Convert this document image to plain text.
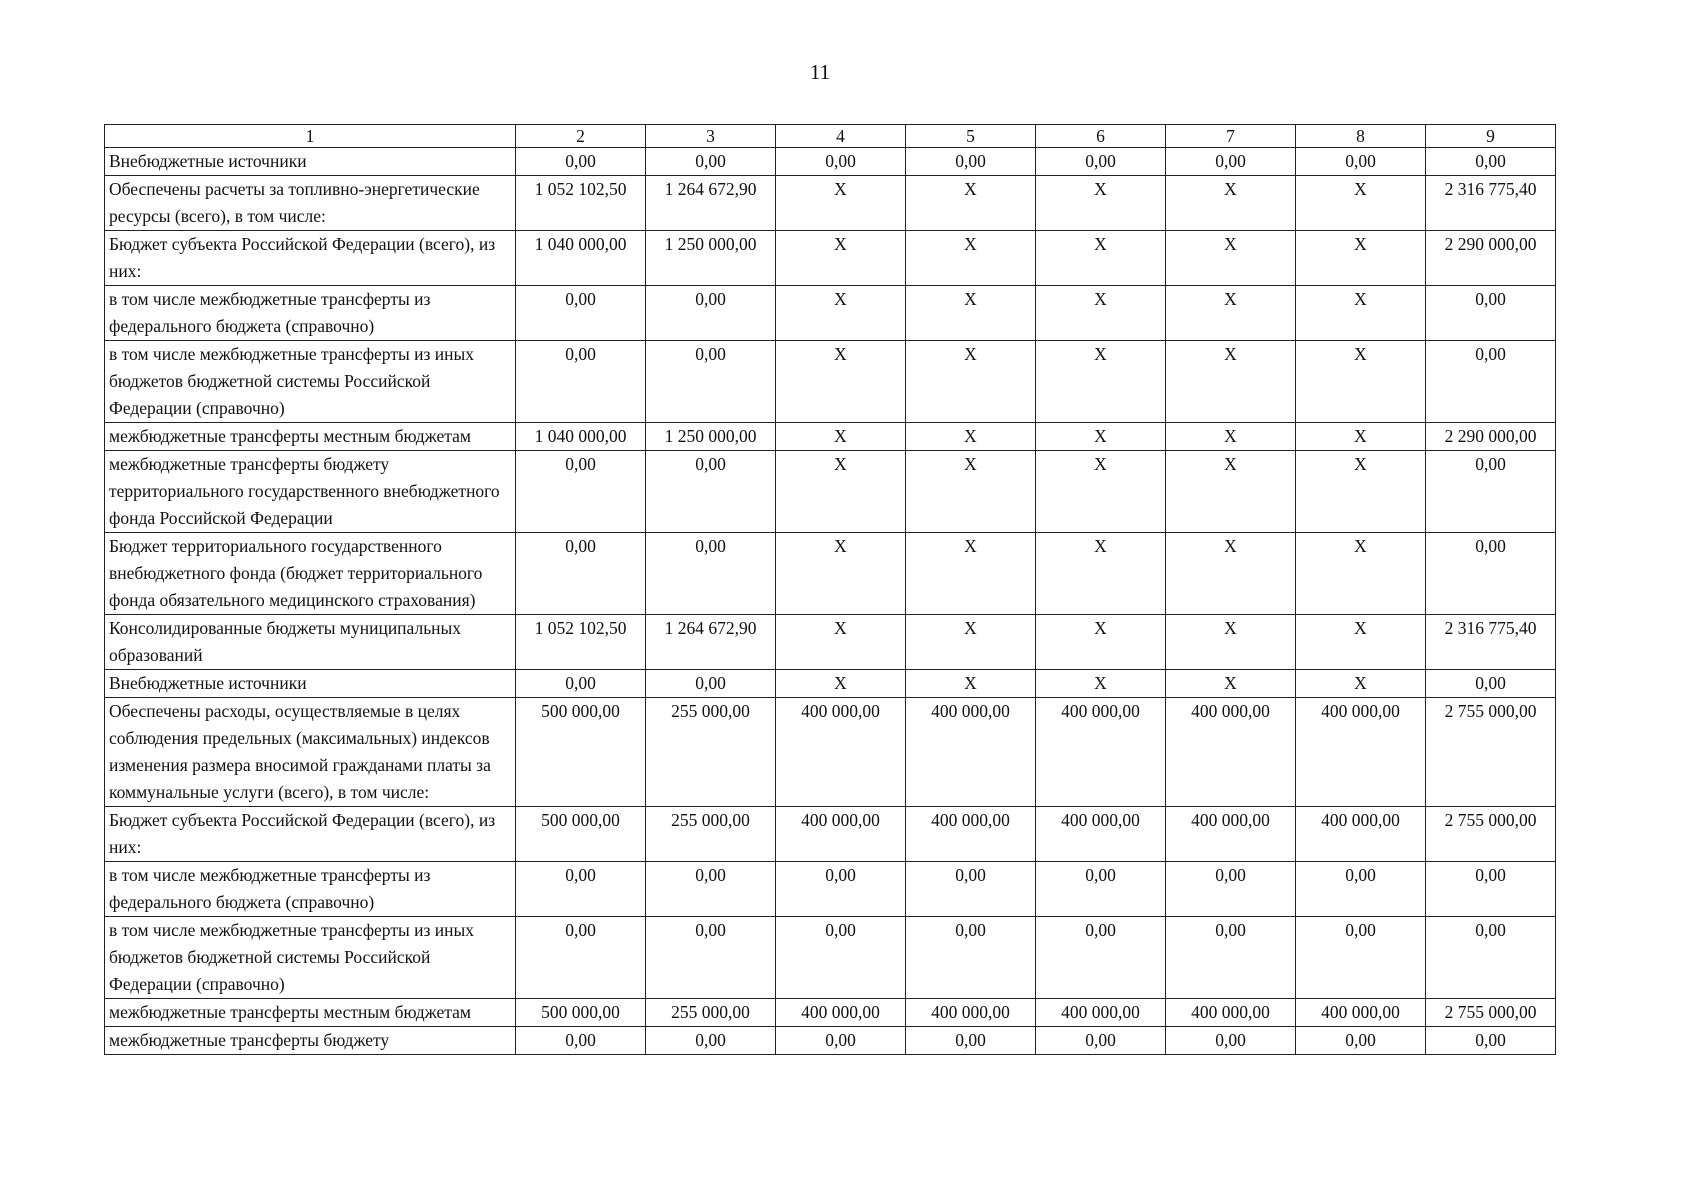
11
1	2	3	4	5	6	7	8	9
Внебюджетные источники	0,00	0,00	0,00	0,00	0,00	0,00	0,00	0,00
Обеспечены расчеты за топливно-энергетические ресурсы (всего), в том числе:	1 052 102,50	1 264 672,90	X	X	X	X	X	2 316 775,40
Бюджет субъекта Российской Федерации (всего), из них:	1 040 000,00	1 250 000,00	X	X	X	X	X	2 290 000,00
в том числе межбюджетные трансферты из федерального бюджета (справочно)	0,00	0,00	X	X	X	X	X	0,00
в том числе межбюджетные трансферты из иных бюджетов бюджетной системы Российской Федерации (справочно)	0,00	0,00	X	X	X	X	X	0,00
межбюджетные трансферты местным бюджетам	1 040 000,00	1 250 000,00	X	X	X	X	X	2 290 000,00
межбюджетные трансферты бюджету территориального государственного внебюджетного фонда Российской Федерации	0,00	0,00	X	X	X	X	X	0,00
Бюджет территориального государственного внебюджетного фонда (бюджет территориального фонда обязательного медицинского страхования)	0,00	0,00	X	X	X	X	X	0,00
Консолидированные бюджеты муниципальных образований	1 052 102,50	1 264 672,90	X	X	X	X	X	2 316 775,40
Внебюджетные источники	0,00	0,00	X	X	X	X	X	0,00
Обеспечены расходы, осуществляемые в целях соблюдения предельных (максимальных) индексов изменения размера вносимой гражданами платы за коммунальные услуги (всего), в том числе:	500 000,00	255 000,00	400 000,00	400 000,00	400 000,00	400 000,00	400 000,00	2 755 000,00
Бюджет субъекта Российской Федерации (всего), из них:	500 000,00	255 000,00	400 000,00	400 000,00	400 000,00	400 000,00	400 000,00	2 755 000,00
в том числе межбюджетные трансферты из федерального бюджета (справочно)	0,00	0,00	0,00	0,00	0,00	0,00	0,00	0,00
в том числе межбюджетные трансферты из иных бюджетов бюджетной системы Российской Федерации (справочно)	0,00	0,00	0,00	0,00	0,00	0,00	0,00	0,00
межбюджетные трансферты местным бюджетам	500 000,00	255 000,00	400 000,00	400 000,00	400 000,00	400 000,00	400 000,00	2 755 000,00
межбюджетные трансферты бюджету	0,00	0,00	0,00	0,00	0,00	0,00	0,00	0,00
